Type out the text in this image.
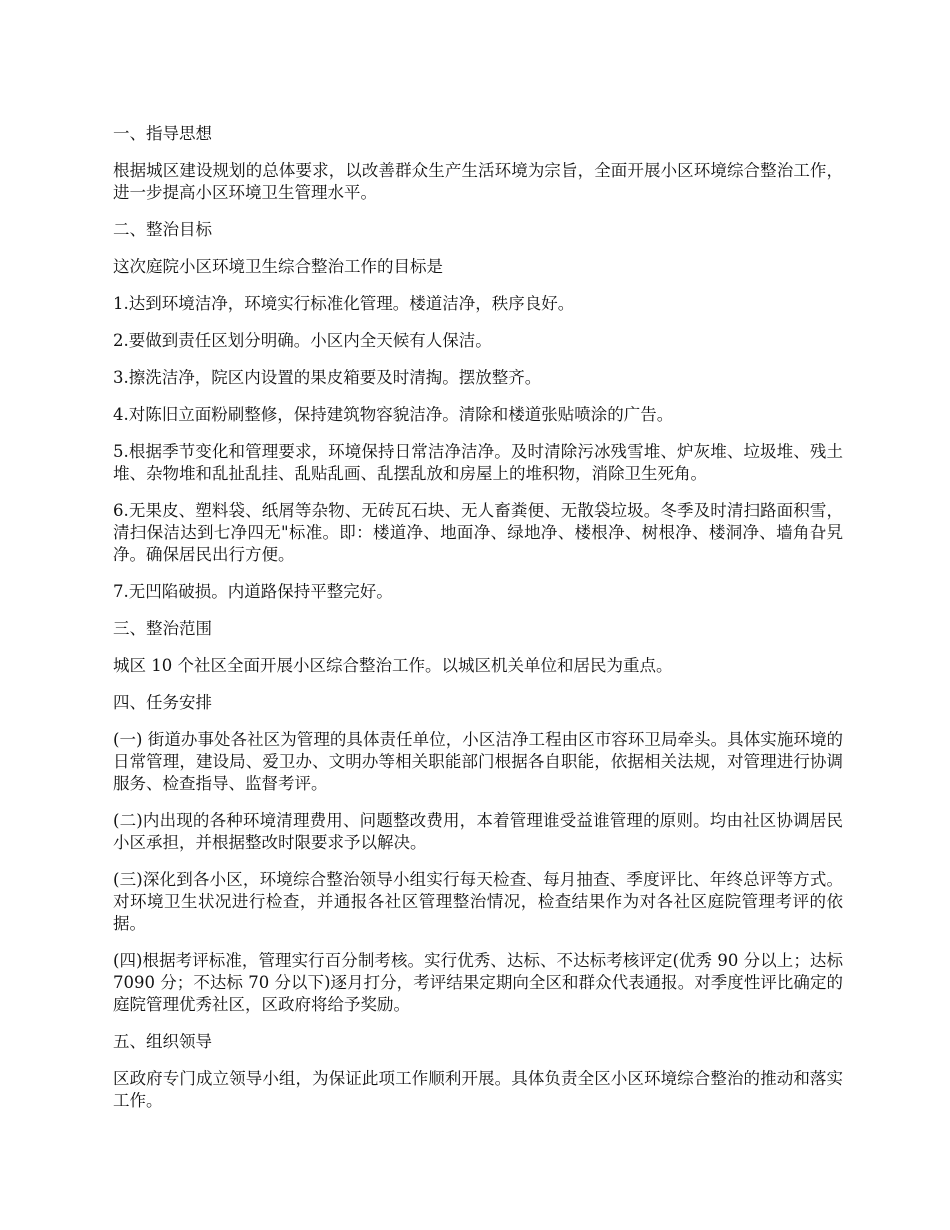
一、指导思想

根据城区建设规划的总体要求，以改善群众生产生活环境为宗旨，全面开展小区环境综合整治工作，进一步提高小区环境卫生管理水平。

二、整治目标

这次庭院小区环境卫生综合整治工作的目标是

1.达到环境洁净，环境实行标准化管理。楼道洁净，秩序良好。

2.要做到责任区划分明确。小区内全天候有人保洁。

3.擦洗洁净，院区内设置的果皮箱要及时清掏。摆放整齐。

4.对陈旧立面粉刷整修，保持建筑物容貌洁净。清除和楼道张贴喷涂的广告。

5.根据季节变化和管理要求，环境保持日常洁净洁净。及时清除污冰残雪堆、炉灰堆、垃圾堆、残土堆、杂物堆和乱扯乱挂、乱贴乱画、乱摆乱放和房屋上的堆积物，消除卫生死角。

6.无果皮、塑料袋、纸屑等杂物、无砖瓦石块、无人畜粪便、无散袋垃圾。冬季及时清扫路面积雪，清扫保洁达到七净四无"标准。即：楼道净、地面净、绿地净、楼根净、树根净、楼洞净、墙角旮旯净。确保居民出行方便。

7.无凹陷破损。内道路保持平整完好。

三、整治范围

城区 10 个社区全面开展小区综合整治工作。以城区机关单位和居民为重点。

四、任务安排

(一) 街道办事处各社区为管理的具体责任单位，小区洁净工程由区市容环卫局牵头。具体实施环境的日常管理，建设局、爱卫办、文明办等相关职能部门根据各自职能，依据相关法规，对管理进行协调服务、检查指导、监督考评。

(二)内出现的各种环境清理费用、问题整改费用，本着管理谁受益谁管理的原则。均由社区协调居民小区承担，并根据整改时限要求予以解决。

(三)深化到各小区，环境综合整治领导小组实行每天检查、每月抽查、季度评比、年终总评等方式。对环境卫生状况进行检查，并通报各社区管理整治情况，检查结果作为对各社区庭院管理考评的依据。

(四)根据考评标准，管理实行百分制考核。实行优秀、达标、不达标考核评定(优秀 90 分以上；达标 7090 分；不达标 70 分以下)逐月打分，考评结果定期向全区和群众代表通报。对季度性评比确定的庭院管理优秀社区，区政府将给予奖励。

五、组织领导

区政府专门成立领导小组，为保证此项工作顺利开展。具体负责全区小区环境综合整治的推动和落实工作。
